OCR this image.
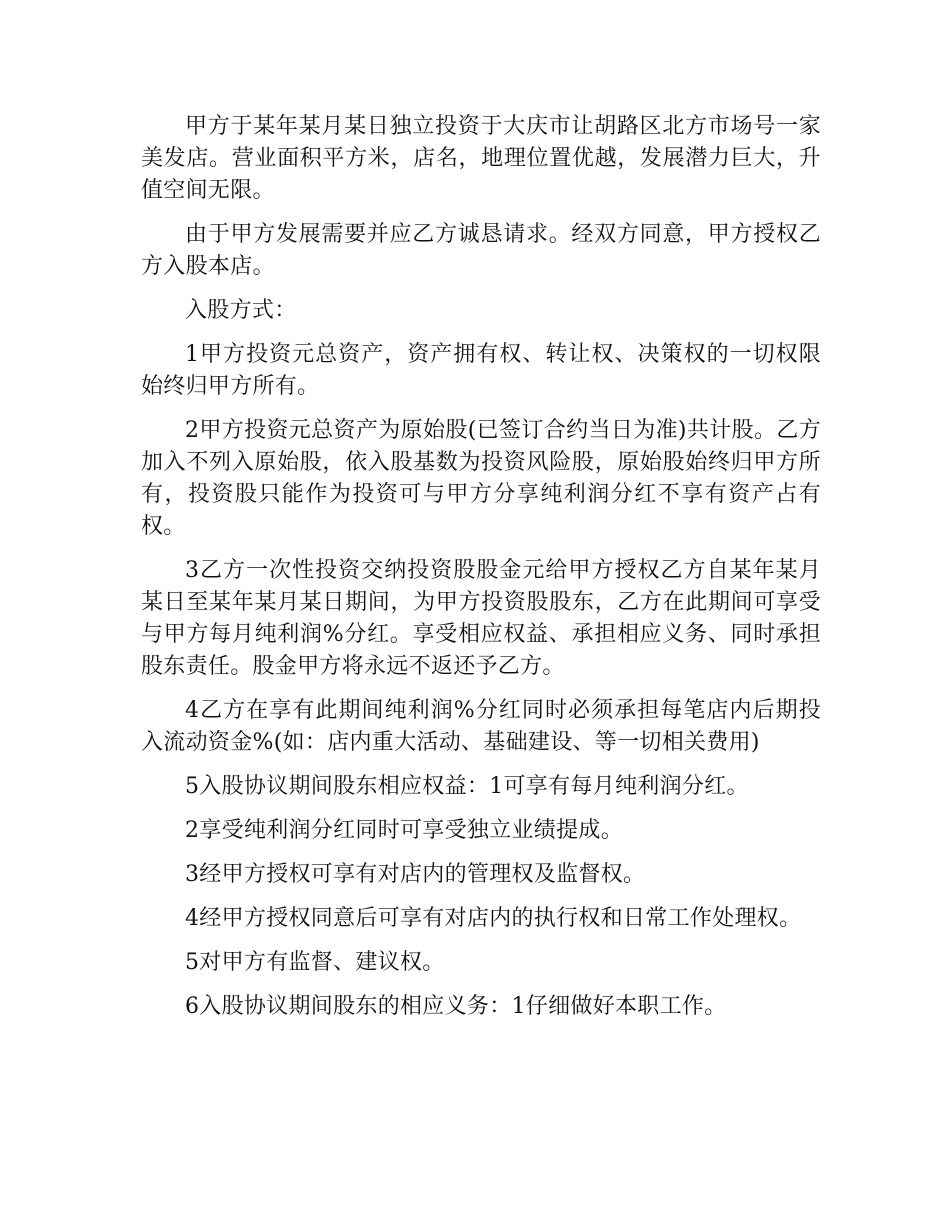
甲方于某年某月某日独立投资于大庆市让胡路区北方市场号一家美发店。营业面积平方米，店名，地理位置优越，发展潜力巨大，升值空间无限。

由于甲方发展需要并应乙方诚恳请求。经双方同意，甲方授权乙方入股本店。

入股方式：

1甲方投资元总资产，资产拥有权、转让权、决策权的一切权限始终归甲方所有。

2甲方投资元总资产为原始股(已签订合约当日为准)共计股。乙方加入不列入原始股，依入股基数为投资风险股，原始股始终归甲方所有，投资股只能作为投资可与甲方分享纯利润分红不享有资产占有权。

3乙方一次性投资交纳投资股股金元给甲方授权乙方自某年某月某日至某年某月某日期间，为甲方投资股股东，乙方在此期间可享受与甲方每月纯利润%分红。享受相应权益、承担相应义务、同时承担股东责任。股金甲方将永远不返还予乙方。

4乙方在享有此期间纯利润%分红同时必须承担每笔店内后期投入流动资金%(如：店内重大活动、基础建设、等一切相关费用)

5入股协议期间股东相应权益：1可享有每月纯利润分红。

2享受纯利润分红同时可享受独立业绩提成。

3经甲方授权可享有对店内的管理权及监督权。

4经甲方授权同意后可享有对店内的执行权和日常工作处理权。

5对甲方有监督、建议权。

6入股协议期间股东的相应义务：1仔细做好本职工作。
